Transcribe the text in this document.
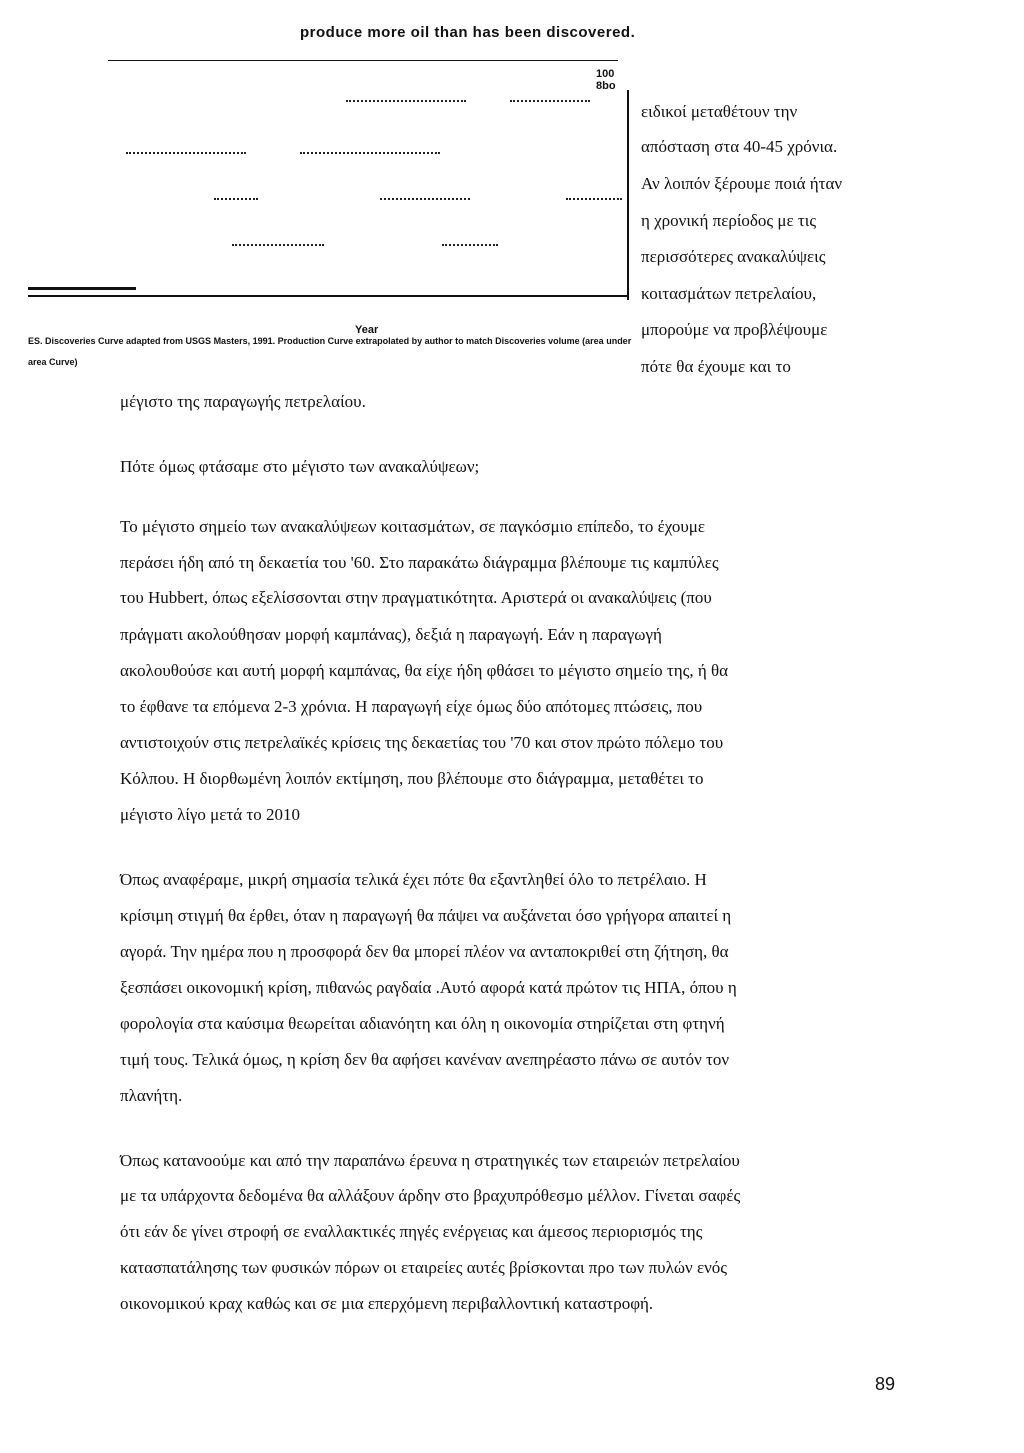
produce more oil than has been discovered.
100
8bo
Year
ES. Discoveries Curve adapted from USGS Masters, 1991. Production Curve extrapolated by author to match Discoveries volume (area under
area Curve)
ειδικοί μεταθέτουν την
απόσταση στα 40-45 χρόνια.
Αν λοιπόν ξέρουμε ποιά ήταν
η χρονική περίοδος με τις
περισσότερες ανακαλύψεις
κοιτασμάτων πετρελαίου,
μπορούμε να προβλέψουμε
πότε θα έχουμε και το
μέγιστο της παραγωγής πετρελαίου.
Πότε όμως φτάσαμε στο μέγιστο των ανακαλύψεων;
Το μέγιστο σημείο των ανακαλύψεων κοιτασμάτων, σε παγκόσμιο επίπεδο, το έχουμε
περάσει ήδη από τη δεκαετία του '60. Στο παρακάτω διάγραμμα βλέπουμε τις καμπύλες
του Hubbert, όπως εξελίσσονται στην πραγματικότητα. Αριστερά οι ανακαλύψεις (που
πράγματι ακολούθησαν μορφή καμπάνας), δεξιά η παραγωγή. Εάν η παραγωγή
ακολουθούσε και αυτή μορφή καμπάνας, θα είχε ήδη φθάσει το μέγιστο σημείο της, ή θα
το έφθανε τα επόμενα 2-3 χρόνια. Η παραγωγή είχε όμως δύο απότομες πτώσεις, που
αντιστοιχούν στις πετρελαϊκές κρίσεις της δεκαετίας του '70 και στον πρώτο πόλεμο του
Κόλπου. Η διορθωμένη λοιπόν εκτίμηση, που βλέπουμε στο διάγραμμα, μεταθέτει το
μέγιστο λίγο μετά το 2010
Όπως αναφέραμε, μικρή σημασία τελικά έχει πότε θα εξαντληθεί όλο το πετρέλαιο. Η
κρίσιμη στιγμή θα έρθει, όταν η παραγωγή θα πάψει να αυξάνεται όσο γρήγορα απαιτεί η
αγορά. Την ημέρα που η προσφορά δεν θα μπορεί πλέον να ανταποκριθεί στη ζήτηση, θα
ξεσπάσει οικονομική κρίση, πιθανώς ραγδαία .Αυτό αφορά κατά πρώτον τις ΗΠΑ, όπου η
φορολογία στα καύσιμα θεωρείται αδιανόητη και όλη η οικονομία στηρίζεται στη φτηνή
τιμή τους. Τελικά όμως, η κρίση δεν θα αφήσει κανέναν ανεπηρέαστο πάνω σε αυτόν τον
πλανήτη.
Όπως κατανοούμε και από την παραπάνω έρευνα η στρατηγικές των εταιρειών πετρελαίου
με τα υπάρχοντα δεδομένα θα αλλάξουν άρδην στο βραχυπρόθεσμο μέλλον. Γίνεται σαφές
ότι εάν δε γίνει στροφή σε εναλλακτικές πηγές ενέργειας και άμεσος περιορισμός της
κατασπατάλησης των φυσικών πόρων οι εταιρείες αυτές βρίσκονται προ των πυλών ενός
οικονομικού κραχ καθώς και σε μια επερχόμενη περιβαλλοντική καταστροφή.
89
